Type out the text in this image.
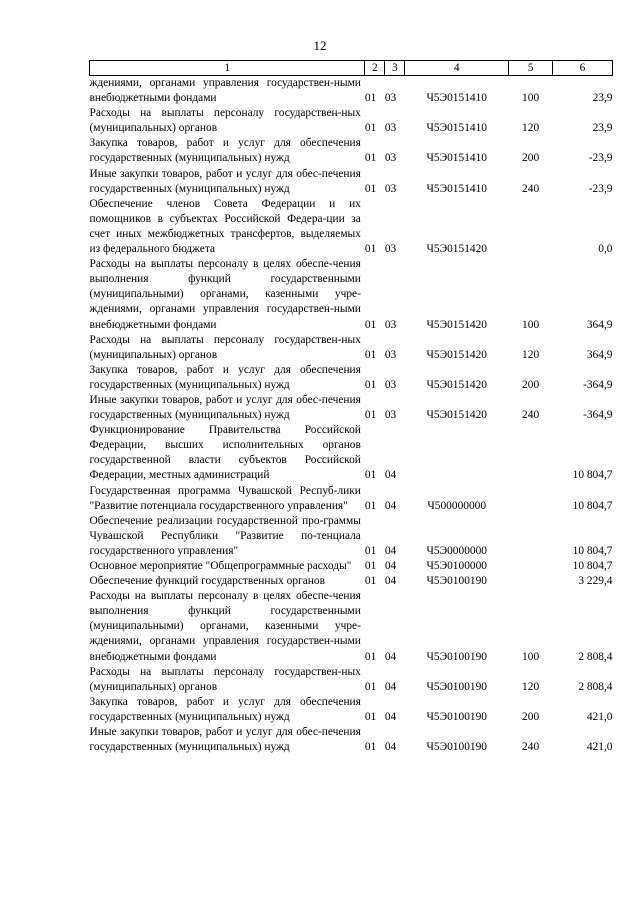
12
1	2	3	4	5	6
ждениями, органами управления государствен-ными внебюджетными фондами	01	03	Ч5Э0151410	100	23,9
Расходы на выплаты персоналу государствен-ных (муниципальных) органов	01	03	Ч5Э0151410	120	23,9
Закупка товаров, работ и услуг для обеспечения государственных (муниципальных) нужд	01	03	Ч5Э0151410	200	-23,9
Иные закупки товаров, работ и услуг для обес-печения государственных (муниципальных) нужд	01	03	Ч5Э0151410	240	-23,9
Обеспечение членов Совета Федерации и их помощников в субъектах Российской Федера-ции за счет иных межбюджетных трансфертов, выделяемых из федерального бюджета	01	03	Ч5Э0151420		0,0
Расходы на выплаты персоналу в целях обеспе-чения выполнения функций государственными (муниципальными) органами, казенными учре-ждениями, органами управления государствен-ными внебюджетными фондами	01	03	Ч5Э0151420	100	364,9
Расходы на выплаты персоналу государствен-ных (муниципальных) органов	01	03	Ч5Э0151420	120	364,9
Закупка товаров, работ и услуг для обеспечения государственных (муниципальных) нужд	01	03	Ч5Э0151420	200	-364,9
Иные закупки товаров, работ и услуг для обес-печения государственных (муниципальных) нужд	01	03	Ч5Э0151420	240	-364,9
Функционирование Правительства Российской Федерации, высших исполнительных органов государственной власти субъектов Российской Федерации, местных администраций	01	04			10 804,7
Государственная программа Чувашской Респуб-лики "Развитие потенциала государственного управления"	01	04	Ч500000000		10 804,7
Обеспечение реализации государственной про-граммы Чувашской Республики "Развитие по-тенциала государственного управления"	01	04	Ч5Э0000000		10 804,7
Основное мероприятие "Общепрограммные расходы"	01	04	Ч5Э0100000		10 804,7
Обеспечение функций государственных органов	01	04	Ч5Э0100190		3 229,4
Расходы на выплаты персоналу в целях обеспе-чения выполнения функций государственными (муниципальными) органами, казенными учре-ждениями, органами управления государствен-ными внебюджетными фондами	01	04	Ч5Э0100190	100	2 808,4
Расходы на выплаты персоналу государствен-ных (муниципальных) органов	01	04	Ч5Э0100190	120	2 808,4
Закупка товаров, работ и услуг для обеспечения государственных (муниципальных) нужд	01	04	Ч5Э0100190	200	421,0
Иные закупки товаров, работ и услуг для обес-печения государственных (муниципальных) нужд	01	04	Ч5Э0100190	240	421,0
